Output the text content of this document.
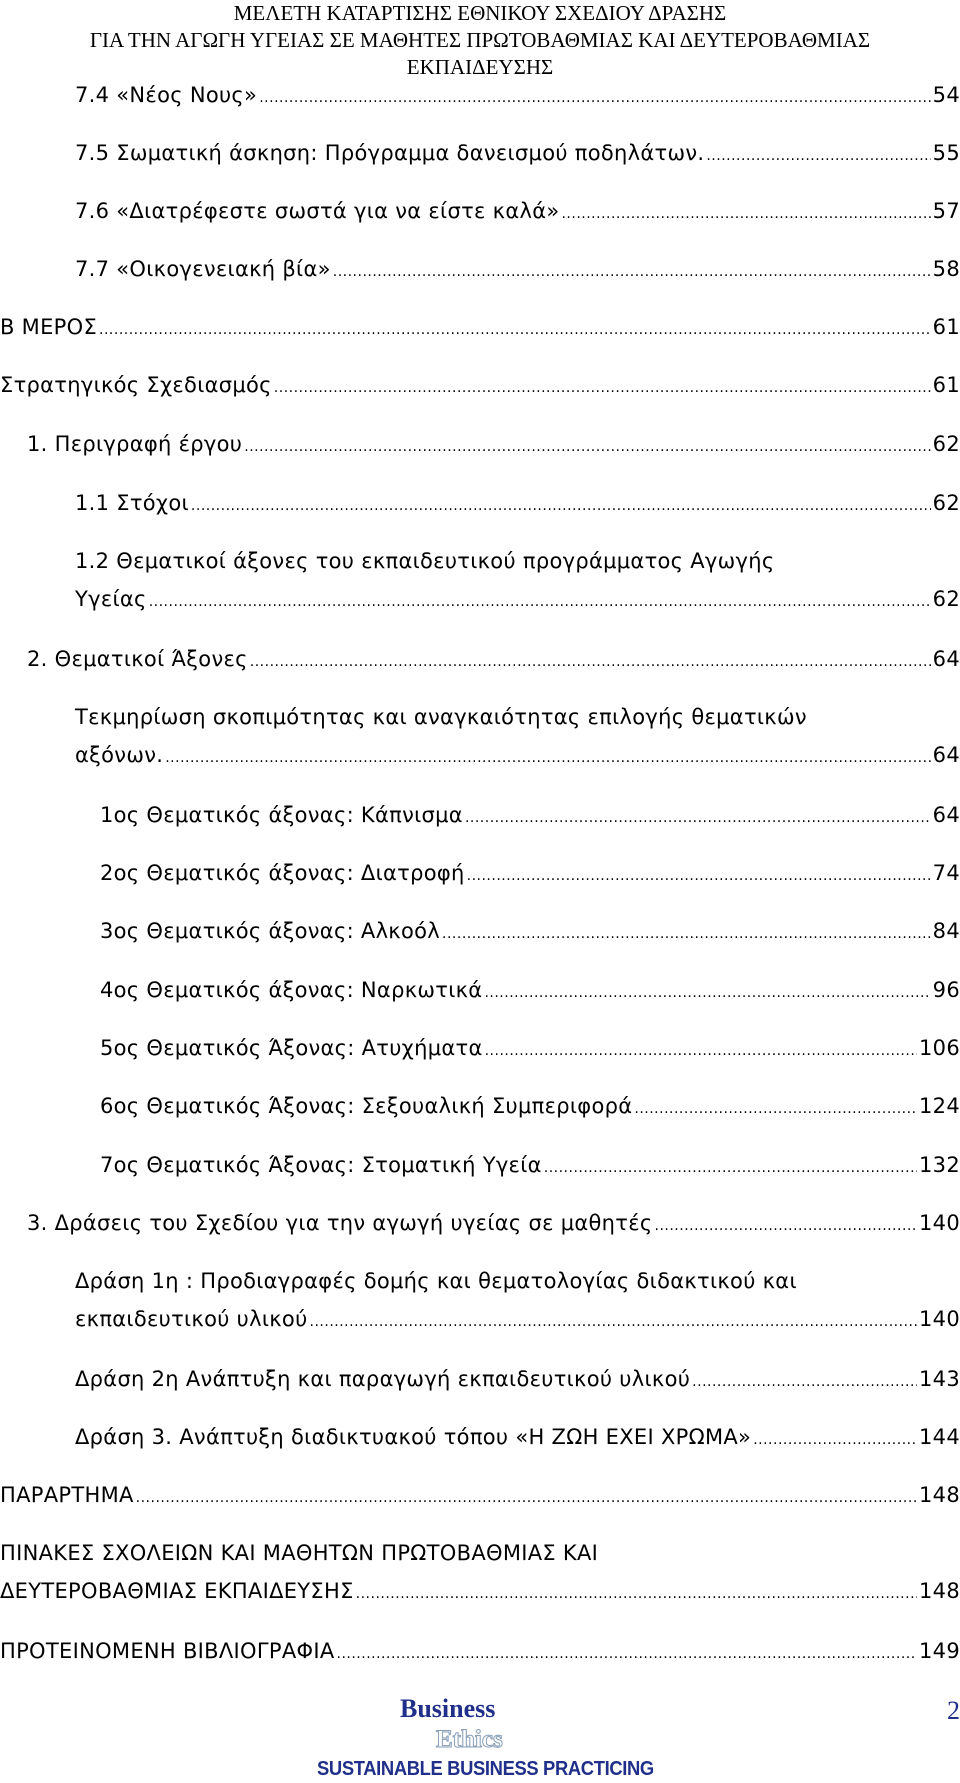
ΜΕΛΕΤΗ ΚΑΤΑΡΤΙΣΗΣ ΕΘΝΙΚΟΥ ΣΧΕΔΙΟΥ ΔΡΑΣΗΣ
ΓΙΑ ΤΗΝ ΑΓΩΓΗ ΥΓΕΙΑΣ ΣΕ ΜΑΘΗΤΕΣ ΠΡΩΤΟΒΑΘΜΙΑΣ ΚΑΙ ΔΕΥΤΕΡΟΒΑΘΜΙΑΣ
ΕΚΠΑΙΔΕΥΣΗΣ
7.4 «Νέος Νους» .....	54
7.5 Σωματική άσκηση: Πρόγραμμα δανεισμού ποδηλάτων. .....	55
7.6 «Διατρέφεστε σωστά για να είστε καλά» .....	57
7.7 «Οικογενειακή βία» .....	58
Β ΜΕΡΟΣ .....	61
Στρατηγικός Σχεδιασμός .....	61
1. Περιγραφή έργου .....	62
1.1 Στόχοι .....	62
1.2 Θεματικοί άξονες του εκπαιδευτικού προγράμματος Αγωγής
Υγείας .....	62
2. Θεματικοί Άξονες .....	64
Τεκμηρίωση σκοπιμότητας και αναγκαιότητας επιλογής θεματικών
αξόνων. .....	64
1ος Θεματικός άξονας: Κάπνισμα .....	64
2ος Θεματικός άξονας: Διατροφή .....	74
3ος Θεματικός άξονας: Αλκοόλ .....	84
4ος Θεματικός άξονας: Ναρκωτικά .....	96
5ος Θεματικός Άξονας: Ατυχήματα .....	106
6ος Θεματικός Άξονας: Σεξουαλική Συμπεριφορά .....	124
7ος Θεματικός Άξονας: Στοματική Υγεία .....	132
3. Δράσεις του Σχεδίου για την αγωγή υγείας σε μαθητές .....	140
Δράση 1η : Προδιαγραφές δομής και θεματολογίας διδακτικού και
εκπαιδευτικού υλικού .....	140
Δράση 2η Ανάπτυξη και παραγωγή εκπαιδευτικού υλικού .....	143
Δράση 3. Ανάπτυξη διαδικτυακού τόπου «Η ΖΩΗ ΕΧΕΙ ΧΡΩΜΑ» .....	144
ΠΑΡΑΡΤΗΜΑ .....	148
ΠΙΝΑΚΕΣ ΣΧΟΛΕΙΩΝ ΚΑΙ ΜΑΘΗΤΩΝ ΠΡΩΤΟΒΑΘΜΙΑΣ ΚΑΙ
ΔΕΥΤΕΡΟΒΑΘΜΙΑΣ ΕΚΠΑΙΔΕΥΣΗΣ .....	148
ΠΡΟΤΕΙΝΟΜΕΝΗ ΒΙΒΛΙΟΓΡΑΦΙΑ .....	149
Business
Ethics
SUSTAINABLE BUSINESS PRACTICING
2
